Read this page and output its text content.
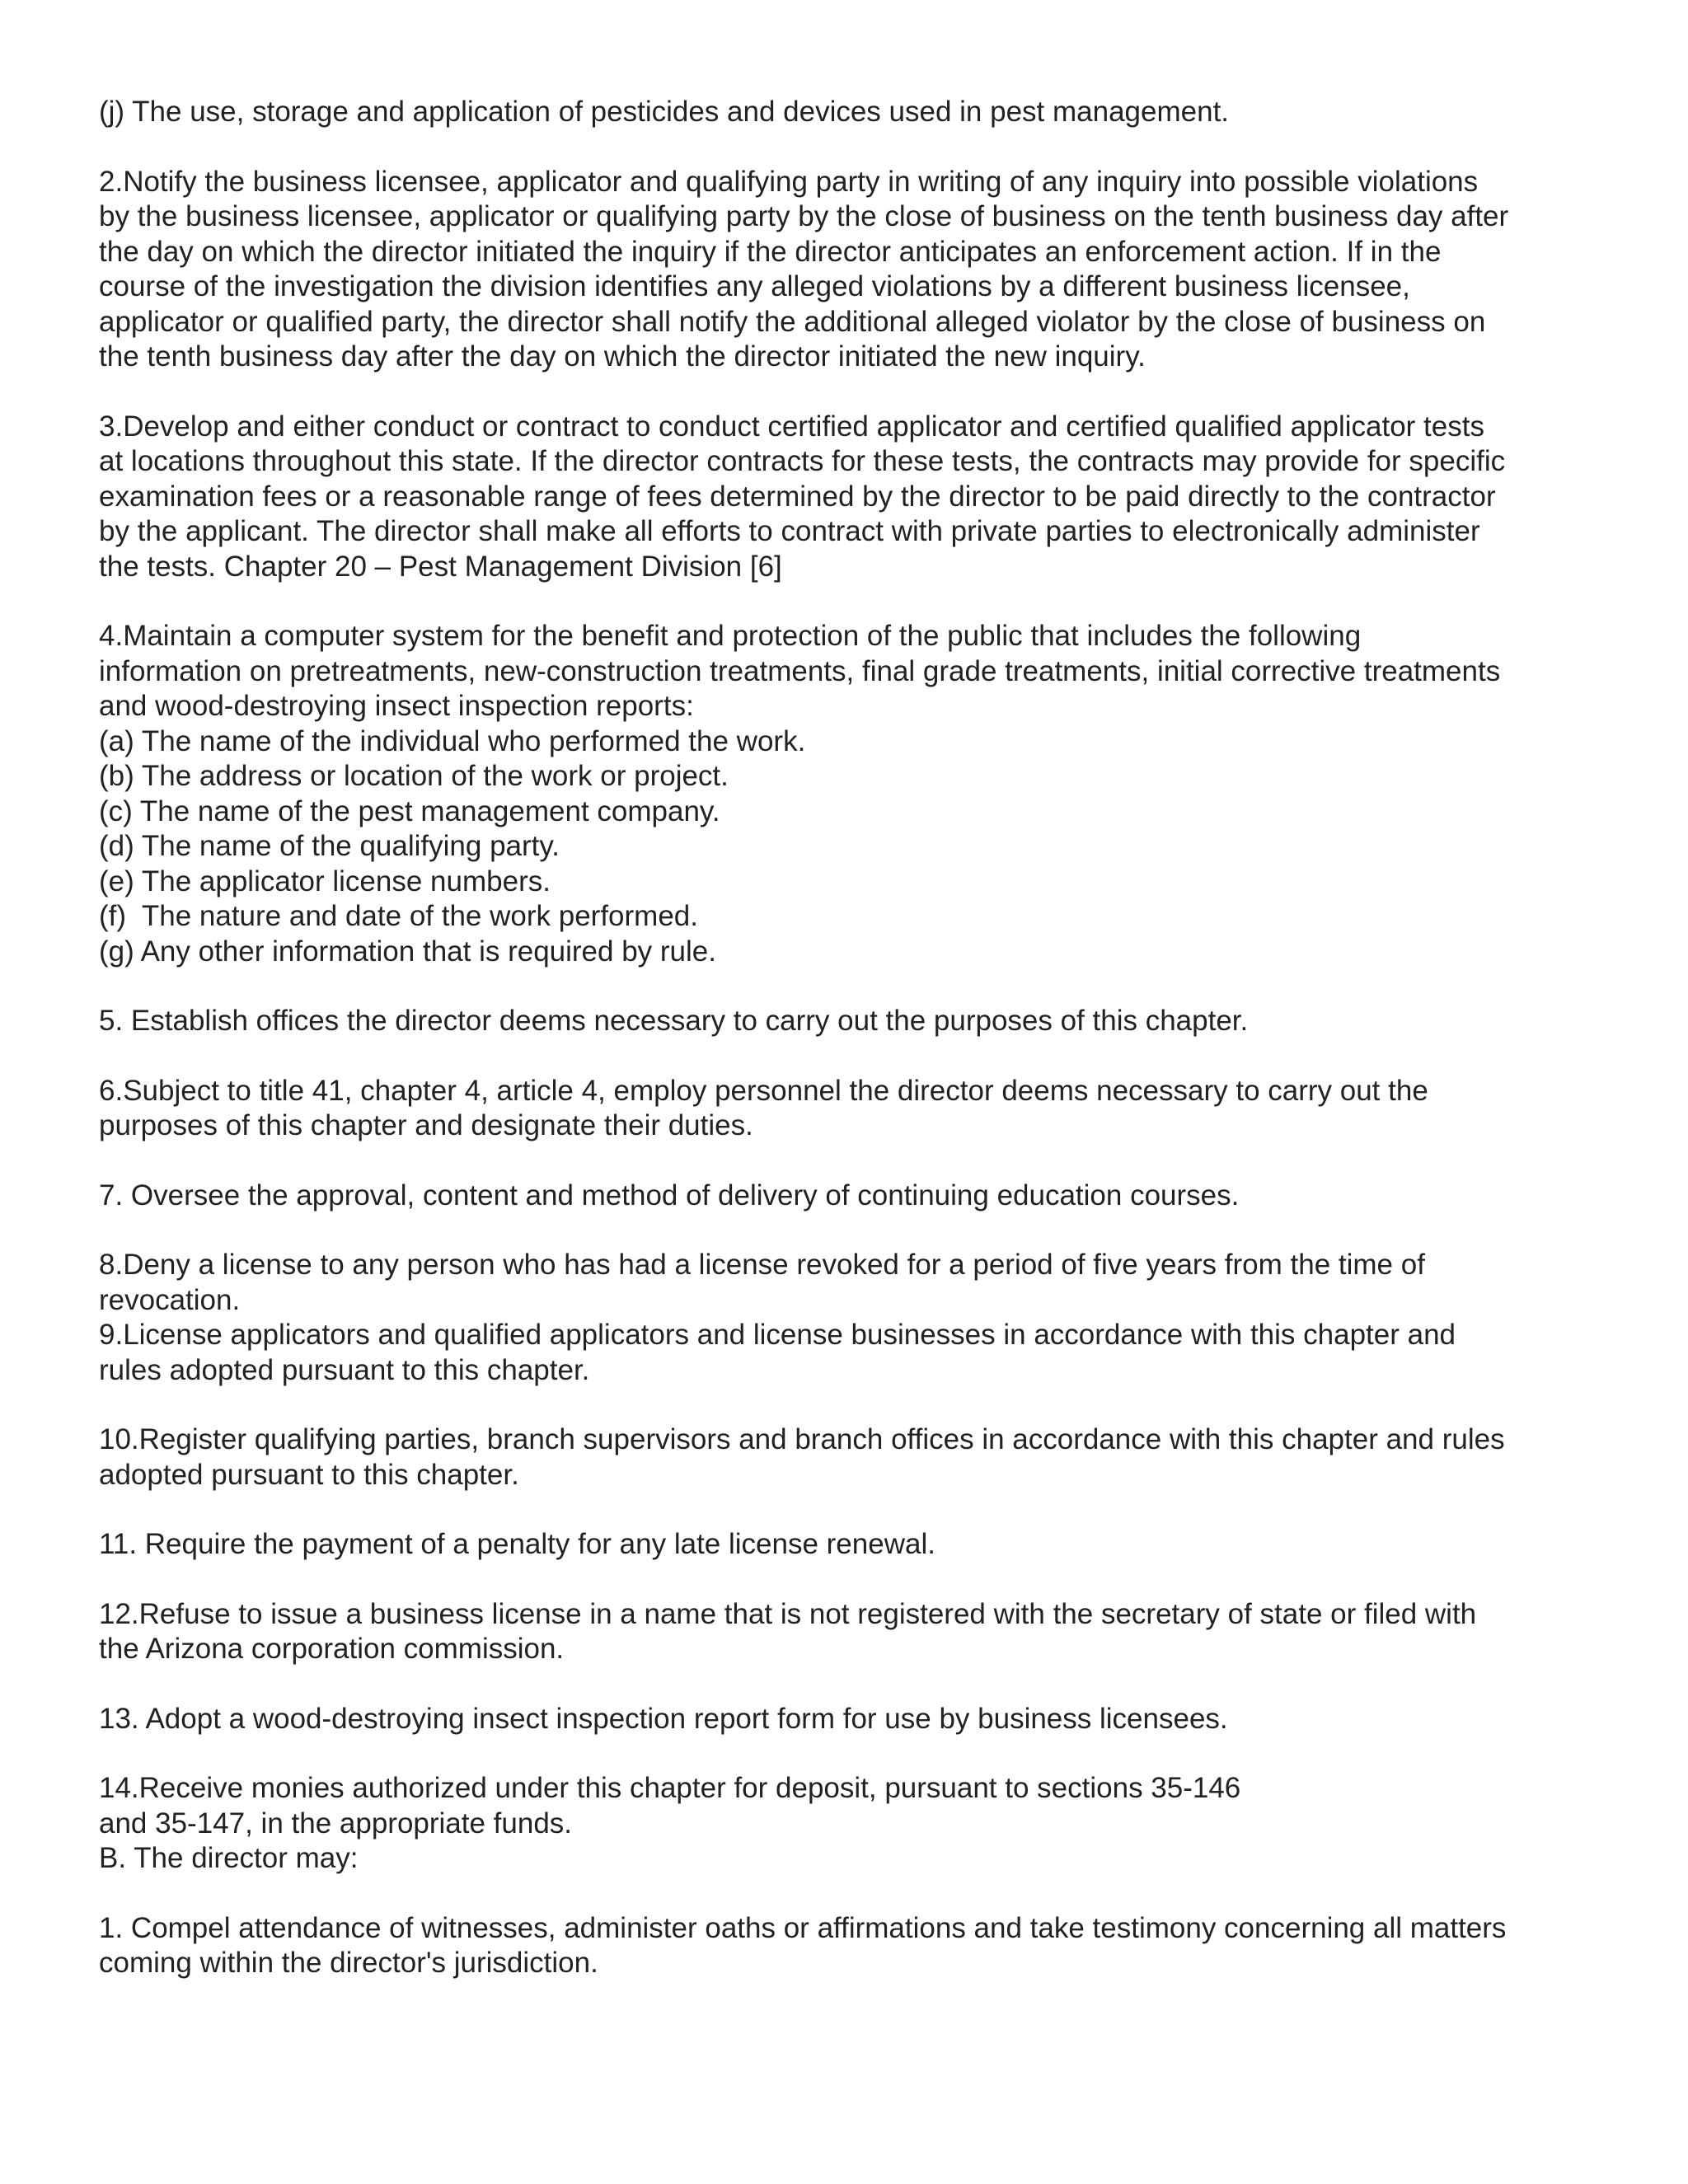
(j) The use, storage and application of pesticides and devices used in pest management.

2.Notify the business licensee, applicator and qualifying party in writing of any inquiry into possible violations
by the business licensee, applicator or qualifying party by the close of business on the tenth business day after
the day on which the director initiated the inquiry if the director anticipates an enforcement action. If in the
course of the investigation the division identifies any alleged violations by a different business licensee,
applicator or qualified party, the director shall notify the additional alleged violator by the close of business on
the tenth business day after the day on which the director initiated the new inquiry.

3.Develop and either conduct or contract to conduct certified applicator and certified qualified applicator tests
at locations throughout this state. If the director contracts for these tests, the contracts may provide for specific
examination fees or a reasonable range of fees determined by the director to be paid directly to the contractor
by the applicant. The director shall make all efforts to contract with private parties to electronically administer
the tests. Chapter 20 – Pest Management Division [6]

4.Maintain a computer system for the benefit and protection of the public that includes the following
information on pretreatments, new-construction treatments, final grade treatments, initial corrective treatments
and wood-destroying insect inspection reports:
(a) The name of the individual who performed the work.
(b) The address or location of the work or project.
(c) The name of the pest management company.
(d) The name of the qualifying party.
(e) The applicator license numbers.
(f)  The nature and date of the work performed.
(g) Any other information that is required by rule.

5. Establish offices the director deems necessary to carry out the purposes of this chapter.

6.Subject to title 41, chapter 4, article 4, employ personnel the director deems necessary to carry out the
purposes of this chapter and designate their duties.

7. Oversee the approval, content and method of delivery of continuing education courses.

8.Deny a license to any person who has had a license revoked for a period of five years from the time of
revocation.
9.License applicators and qualified applicators and license businesses in accordance with this chapter and
rules adopted pursuant to this chapter.

10.Register qualifying parties, branch supervisors and branch offices in accordance with this chapter and rules
adopted pursuant to this chapter.

11. Require the payment of a penalty for any late license renewal.

12.Refuse to issue a business license in a name that is not registered with the secretary of state or filed with
the Arizona corporation commission.

13. Adopt a wood-destroying insect inspection report form for use by business licensees.

14.Receive monies authorized under this chapter for deposit, pursuant to sections 35-146
and 35-147, in the appropriate funds.
B. The director may:

1. Compel attendance of witnesses, administer oaths or affirmations and take testimony concerning all matters
coming within the director's jurisdiction.
